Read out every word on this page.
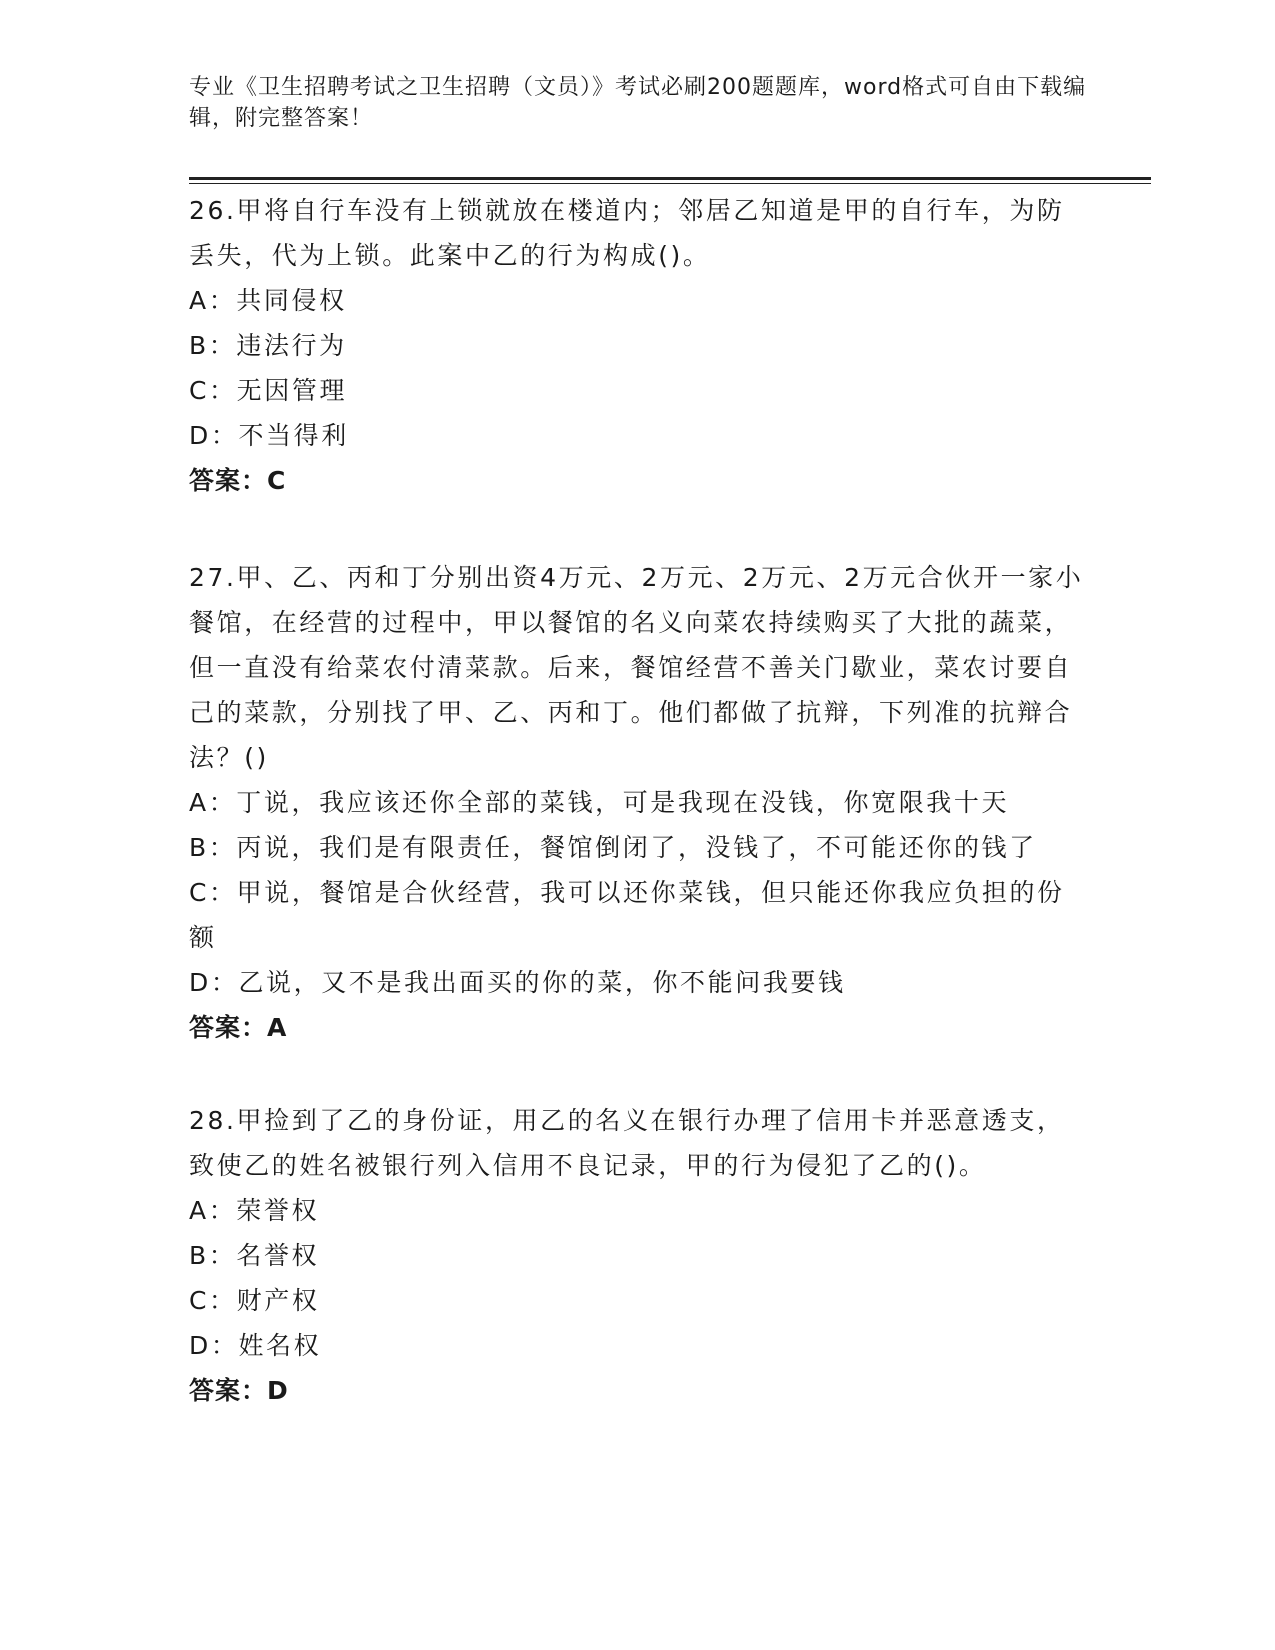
专业《卫生招聘考试之卫生招聘（文员）》考试必刷200题题库，word格式可自由下载编辑，附完整答案！

26.甲将自行车没有上锁就放在楼道内；邻居乙知道是甲的自行车，为防丢失，代为上锁。此案中乙的行为构成()。

A：共同侵权

B：违法行为

C：无因管理

D：不当得利

答案：C

27.甲、乙、丙和丁分别出资4万元、2万元、2万元、2万元合伙开一家小餐馆，在经营的过程中，甲以餐馆的名义向菜农持续购买了大批的蔬菜，但一直没有给菜农付清菜款。后来，餐馆经营不善关门歇业，菜农讨要自己的菜款，分别找了甲、乙、丙和丁。他们都做了抗辩，下列准的抗辩合法？()

A：丁说，我应该还你全部的菜钱，可是我现在没钱，你宽限我十天

B：丙说，我们是有限责任，餐馆倒闭了，没钱了，不可能还你的钱了

C：甲说，餐馆是合伙经营，我可以还你菜钱，但只能还你我应负担的份额

D：乙说，又不是我出面买的你的菜，你不能问我要钱

答案：A

28.甲捡到了乙的身份证，用乙的名义在银行办理了信用卡并恶意透支，致使乙的姓名被银行列入信用不良记录，甲的行为侵犯了乙的()。

A：荣誉权

B：名誉权

C：财产权

D：姓名权

答案：D
